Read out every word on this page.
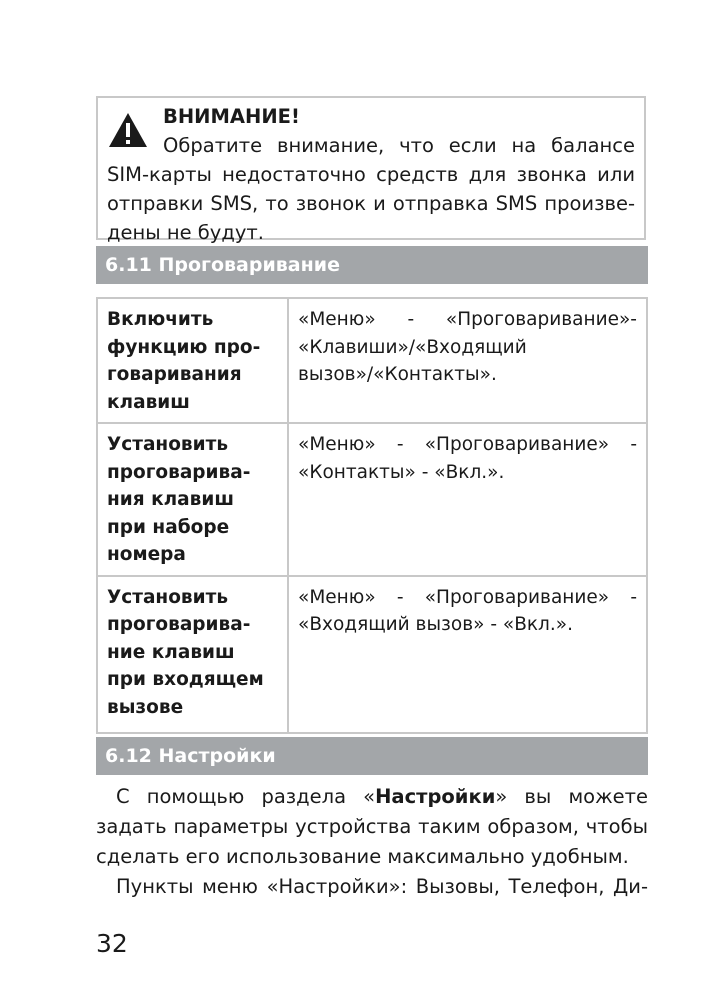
ВНИМАНИЕ!
Обратите внимание, что если на балансе
SIM-карты недостаточно средств для звонка или отправки SMS, то звонок и отправка SMS произведены не будут.
6.11 Проговаривание
Включить функцию проговаривания клавиш	«Меню» - «Проговаривание»- «Клавиши»/«Входящий вызов»/«Контакты».
Установить проговаривания клавиш при наборе номера	«Меню» - «Проговаривание» - «Контакты» - «Вкл.».
Установить проговаривание клавиш при входящем вызове	«Меню» - «Проговаривание» - «Входящий вызов» - «Вкл.».
6.12 Настройки

С помощью раздела «Настройки» вы можете задать параметры устройства таким образом, чтобы сделать его использование максимально удобным.

Пункты меню «Настройки»: Вызовы, Телефон, Ди-

32
